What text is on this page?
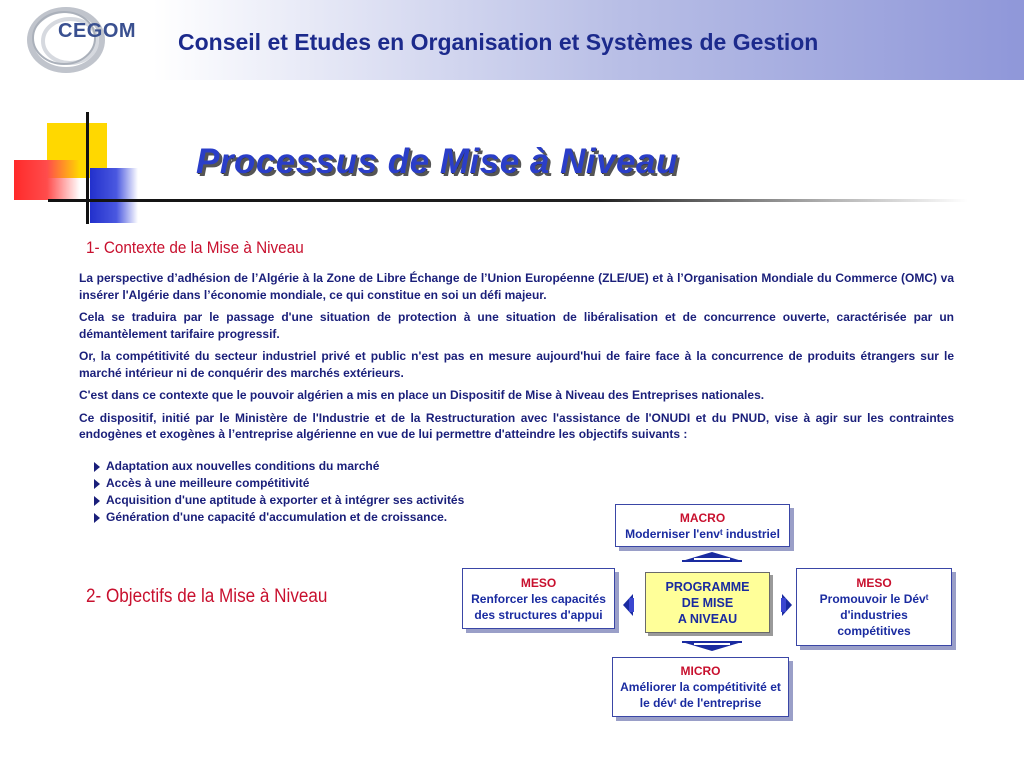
CEGOM Conseil et Etudes en Organisation et Systèmes de Gestion
Processus de Mise à Niveau
1- Contexte de la Mise à Niveau

La perspective d’adhésion de l’Algérie à la Zone de Libre Échange de l’Union Européenne (ZLE/UE) et à l’Organisation Mondiale du Commerce (OMC) va insérer l'Algérie dans l’économie mondiale, ce qui constitue en soi un défi majeur.

Cela se traduira par le passage d'une situation de protection à une situation de libéralisation et de concurrence ouverte, caractérisée par un démantèlement tarifaire progressif.

Or, la compétitivité du secteur industriel privé et public n'est pas en mesure aujourd'hui de faire face à la concurrence de produits étrangers sur le marché intérieur ni de conquérir des marchés extérieurs.

C'est dans ce contexte que le pouvoir algérien a mis en place un Dispositif de Mise à Niveau des Entreprises nationales.

Ce dispositif, initié par le Ministère de l'Industrie et de la Restructuration avec l'assistance de l'ONUDI et du PNUD, vise à agir sur les contraintes endogènes et exogènes à l’entreprise algérienne en vue de lui permettre d'atteindre les objectifs suivants :

Adaptation aux nouvelles conditions du marché
Accès à une meilleure compétitivité
Acquisition d'une aptitude à exporter et à intégrer ses activités
Génération d'une capacité d'accumulation et de croissance.
2- Objectifs de la Mise à Niveau
MACRO
Moderniser l'envᵗ industriel
MESO
Renforcer les capacités
des structures d'appui
MESO
Promouvoir le Dévᵗ
d'industries
compétitives
MICRO
Améliorer la compétitivité et
le dévᵗ de l'entreprise
PROGRAMME
DE MISE
A NIVEAU
